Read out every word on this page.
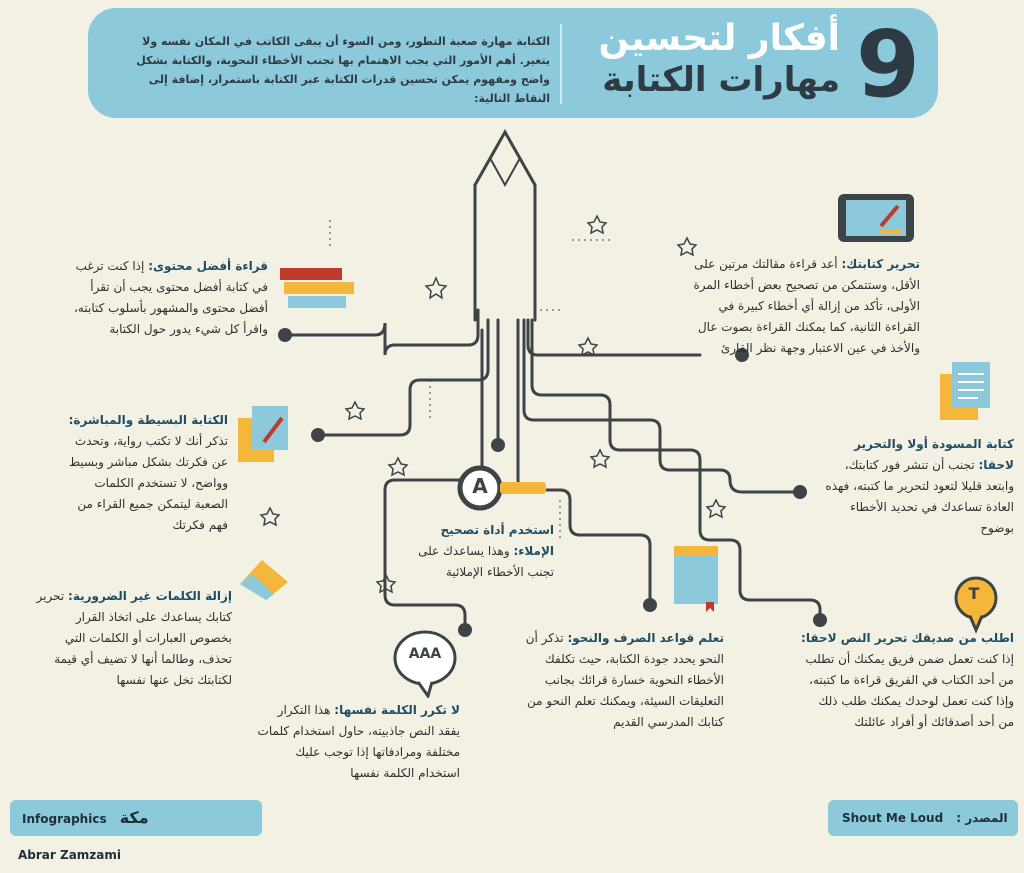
9
أفكار لتحسين
مهارات الكتابة
الكتابة مهارة صعبة التطور، ومن السوء أن يبقى الكاتب في المكان نفسه ولا يتغير. أهم الأمور التي يجب الاهتمام بها تجنب الأخطاء النحوية، والكتابة بشكل واضح ومفهوم يمكن تحسين قدرات الكتابة عبر الكتابة باستمرار، إضافة إلى النقاط التالية:
A
AAA
T
قراءة أفضل محتوى: إذا كنت ترغب في كتابة أفضل محتوى يجب أن تقرأ أفضل محتوى والمشهور بأسلوب كتابته، واقرأ كل شيء يدور حول الكتابة
الكتابة البسيطة والمباشرة: تذكر أنك لا تكتب رواية، وتحدث عن فكرتك بشكل مباشر وبسيط وواضح، لا تستخدم الكلمات الصعبة ليتمكن جميع القراء من فهم فكرتك	استخدم أداة تصحيح الإملاء: وهذا يساعدك على تجنب الأخطاء الإملائية
إزالة الكلمات غير الضرورية: تحرير كتابك يساعدك على اتخاذ القرار بخصوص العبارات أو الكلمات التي تحذف، وطالما أنها لا تضيف أي قيمة لكتابتك تخل عنها نفسها
لا تكرر الكلمة نفسها: هذا التكرار يفقد النص جاذبيته، حاول استخدام كلمات مختلفة ومرادفاتها إذا توجب عليك استخدام الكلمة نفسها
تعلم قواعد الصرف والنحو: تذكر أن النحو يحدد جودة الكتابة، حيث تكلفك الأخطاء النحوية خسارة قرائك بجانب التعليقات السيئة، ويمكنك تعلم النحو من كتابك المدرسي القديم
تحرير كتابتك: أعد قراءة مقالتك مرتين على الأقل، وستتمكن من تصحيح بعض أخطاء المرة الأولى، تأكد من إزالة أي أخطاء كبيرة في القراءة الثانية، كما يمكنك القراءة بصوت عال والأخذ في عين الاعتبار وجهة نظر القارئ
كتابة المسودة أولا والتحرير لاحقا: تجنب أن تنشر فور كتابتك، وابتعد قليلا لتعود لتحرير ما كتبته، فهذه العادة تساعدك في تحديد الأخطاء بوضوح
اطلب من صديقك تحرير النص لاحقا: إذا كنت تعمل ضمن فريق يمكنك أن تطلب من أحد الكتاب في الفريق قراءة ما كتبته، وإذا كنت تعمل لوحدك يمكنك طلب ذلك من أحد أصدقائك أو أفراد عائلتك
Infographics مكة Abrar Zamzami
Shout Me Loud المصدر :
